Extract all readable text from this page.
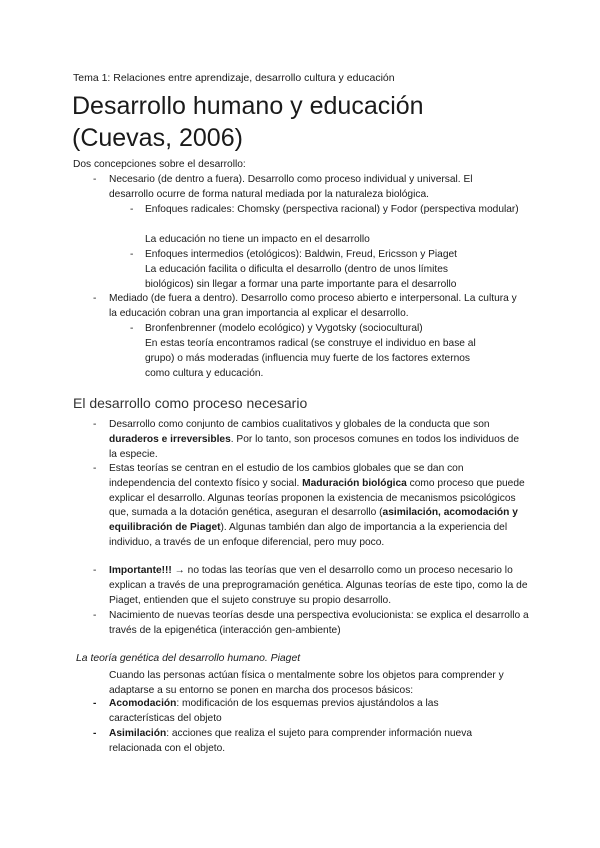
Tema 1: Relaciones entre aprendizaje, desarrollo cultura y educación
Desarrollo humano y educación
(Cuevas, 2006)
Dos concepciones sobre el desarrollo:
- Necesario (de dentro a fuera). Desarrollo como proceso individual y universal. El desarrollo ocurre de forma natural mediada por la naturaleza biológica.

- Enfoques radicales: Chomsky (perspectiva racional) y Fodor (perspectiva modular)

La educación no tiene un impacto en el desarrollo

- Enfoques intermedios (etológicos): Baldwin, Freud, Ericsson y Piaget

La educación facilita o dificulta el desarrollo (dentro de unos límites biológicos) sin llegar a formar una parte importante para el desarrollo

- Mediado (de fuera a dentro). Desarrollo como proceso abierto e interpersonal. La cultura y la educación cobran una gran importancia al explicar el desarrollo.

- Bronfenbrenner (modelo ecológico) y Vygotsky (sociocultural)

En estas teoría encontramos radical (se construye el individuo en base al grupo) o más moderadas (influencia muy fuerte de los factores externos como cultura y educación.

El desarrollo como proceso necesario
- Desarrollo como conjunto de cambios cualitativos y globales de la conducta que son duraderos e irreversibles. Por lo tanto, son procesos comunes en todos los individuos de la especie.

- Estas teorías se centran en el estudio de los cambios globales que se dan con independencia del contexto físico y social. Maduración biológica como proceso que puede explicar el desarrollo. Algunas teorías proponen la existencia de mecanismos psicológicos que, sumada a la dotación genética, aseguran el desarrollo (asimilación, acomodación y equilibración de Piaget). Algunas también dan algo de importancia a la experiencia del individuo, a través de un enfoque diferencial, pero muy poco.

- Importante!!! → no todas las teorías que ven el desarrollo como un proceso necesario lo explican a través de una preprogramación genética. Algunas teorías de este tipo, como la de Piaget, entienden que el sujeto construye su propio desarrollo.

- Nacimiento de nuevas teorías desde una perspectiva evolucionista: se explica el desarrollo a través de la epigenética (interacción gen-ambiente)

La teoría genética del desarrollo humano. Piaget

Cuando las personas actúan física o mentalmente sobre los objetos para comprender y adaptarse a su entorno se ponen en marcha dos procesos básicos:

- Acomodación: modificación de los esquemas previos ajustándolos a las características del objeto

- Asimilación: acciones que realiza el sujeto para comprender información nueva relacionada con el objeto.
